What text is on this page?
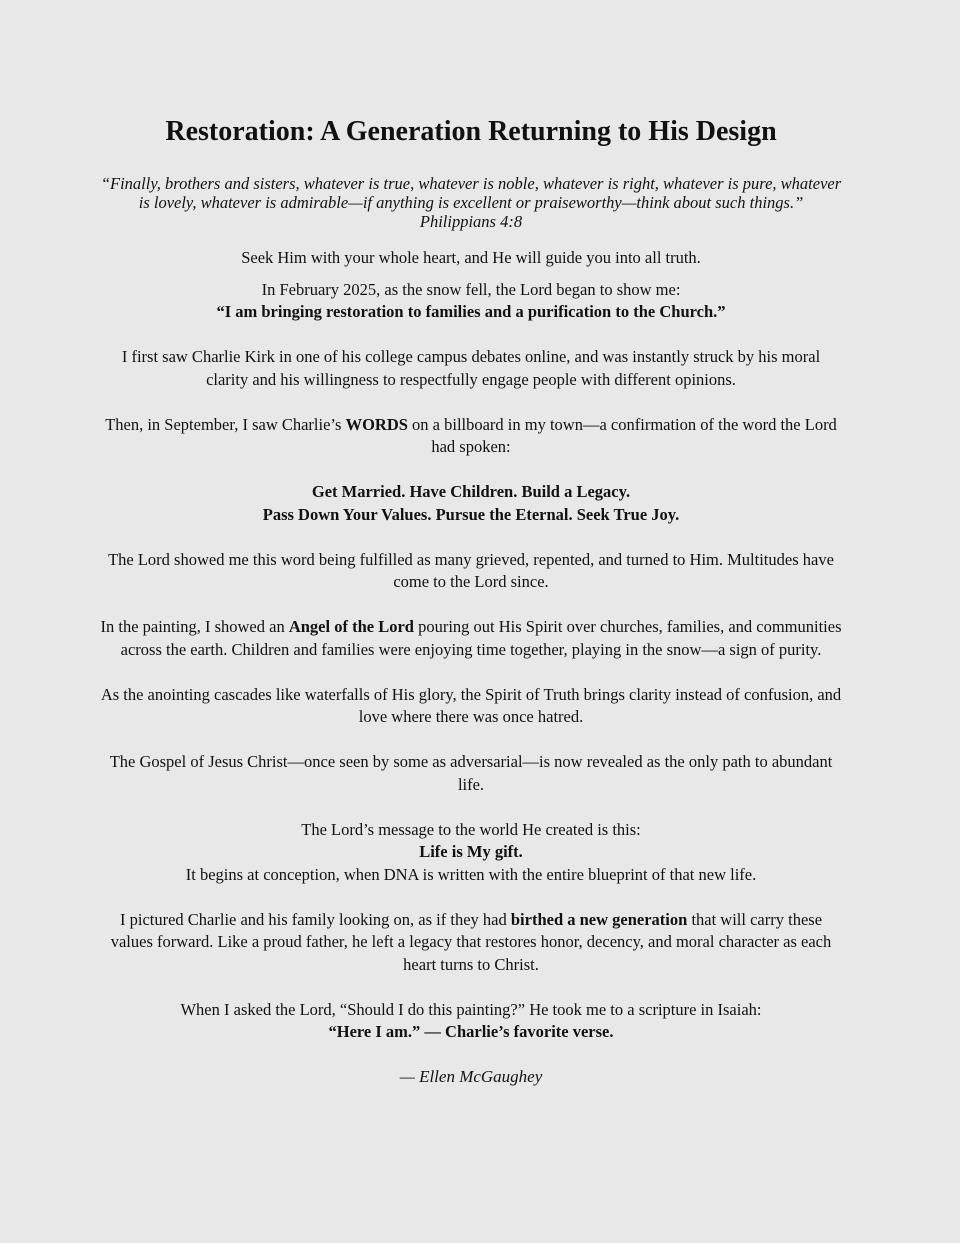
Restoration: A Generation Returning to His Design
“Finally, brothers and sisters, whatever is true, whatever is noble, whatever is right, whatever is pure, whatever is lovely, whatever is admirable—if anything is excellent or praiseworthy—think about such things.”
Philippians 4:8

Seek Him with your whole heart, and He will guide you into all truth.

In February 2025, as the snow fell, the Lord began to show me:
“I am bringing restoration to families and a purification to the Church.”

I first saw Charlie Kirk in one of his college campus debates online, and was instantly struck by his moral clarity and his willingness to respectfully engage people with different opinions.

Then, in September, I saw Charlie’s WORDS on a billboard in my town—a confirmation of the word the Lord had spoken:

Get Married. Have Children. Build a Legacy.
Pass Down Your Values. Pursue the Eternal. Seek True Joy.

The Lord showed me this word being fulfilled as many grieved, repented, and turned to Him. Multitudes have come to the Lord since.

In the painting, I showed an Angel of the Lord pouring out His Spirit over churches, families, and communities across the earth. Children and families were enjoying time together, playing in the snow—a sign of purity.

As the anointing cascades like waterfalls of His glory, the Spirit of Truth brings clarity instead of confusion, and love where there was once hatred.

The Gospel of Jesus Christ—once seen by some as adversarial—is now revealed as the only path to abundant life.

The Lord’s message to the world He created is this:
Life is My gift.
It begins at conception, when DNA is written with the entire blueprint of that new life.

I pictured Charlie and his family looking on, as if they had birthed a new generation that will carry these values forward. Like a proud father, he left a legacy that restores honor, decency, and moral character as each heart turns to Christ.

When I asked the Lord, “Should I do this painting?” He took me to a scripture in Isaiah:
“Here I am.” — Charlie’s favorite verse.

— Ellen McGaughey
